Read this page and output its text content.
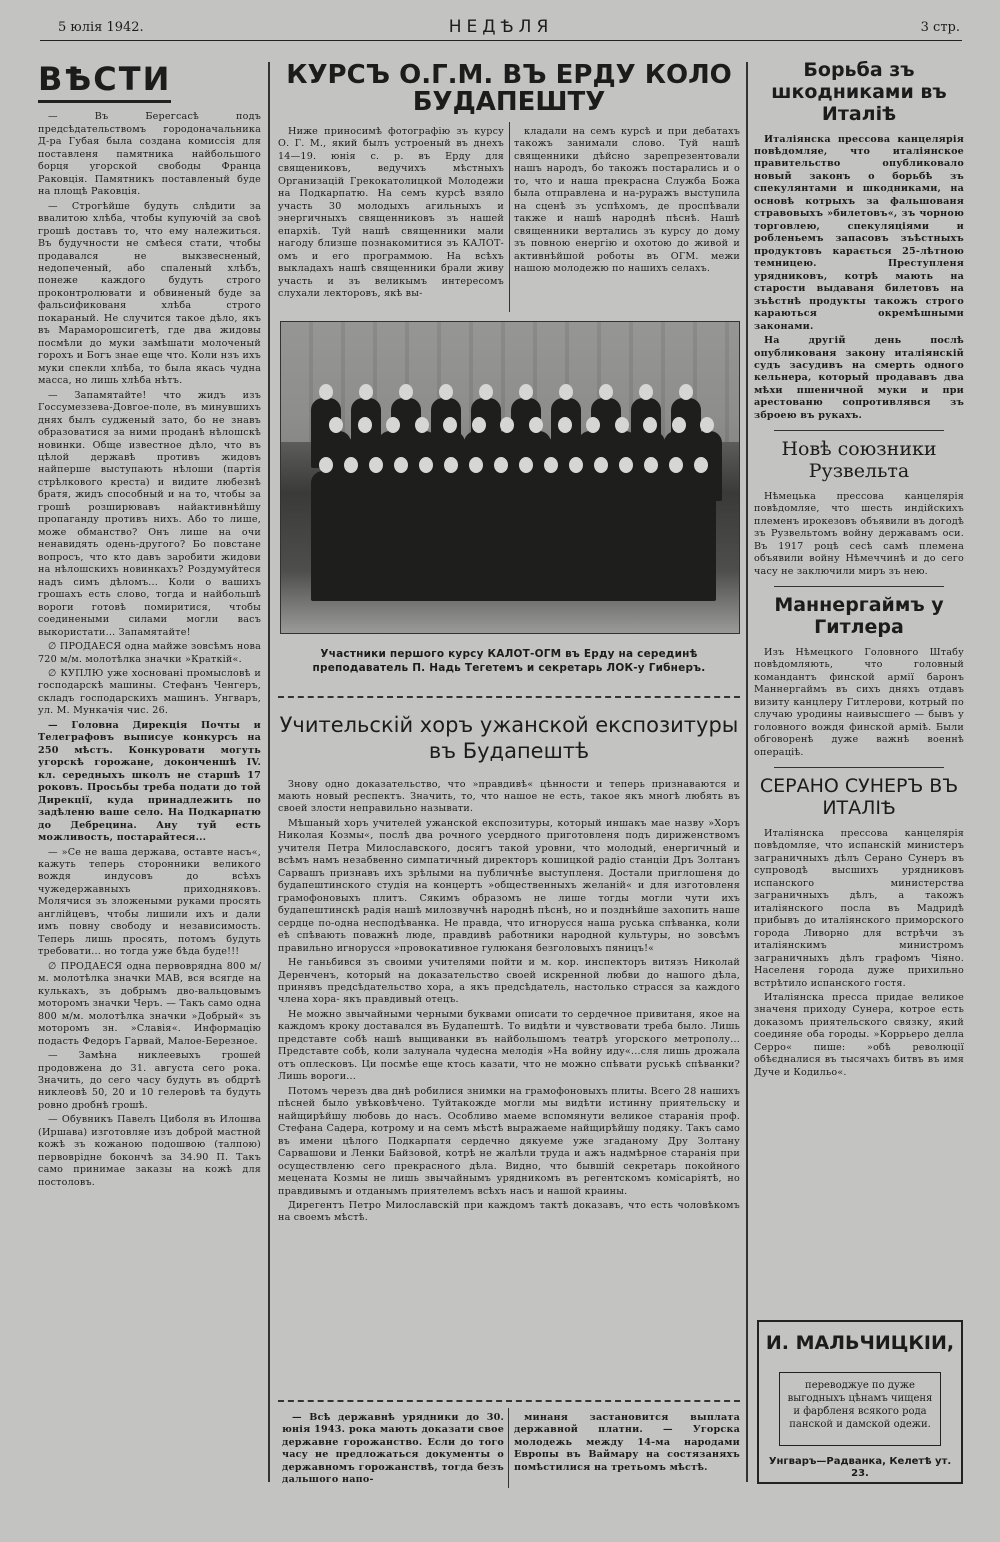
5 юлія 1942.	НЕДѢЛЯ	3 стр.
ВѢСТИ

— Въ Берегсасѣ подъ предсѣдательствомъ городоначальника Д-ра Губая была создана комиссія для поставленя памятника найбольшого борця угорской свободы Франца Раковція. Памятникъ поставленый буде на площѣ Раковція.

— Строгѣйше будуть слѣдити за ввалитою хлѣба, чтобы купуючій за своѣ грошѣ доставъ то, что ему належиться. Въ будучности не смѣеся стати, чтобы продавался не выкзвесненый, недопеченый, або спаленый хлѣбъ, понеже каждого будуть строго проконтролювати и обвиненый буде за фальсификованя хлѣба строго покараный. Не случится такое дѣло, якъ въ Мараморошсигетѣ, где два жидовы посмѣли до муки замѣшати молоченый горохъ и Богъ знае еще что. Коли нзъ ихъ муки спекли хлѣба, то была якась чудна масса, но лишь хлѣба нѣтъ.

— Запамятайте! что жидъ изъ Госсумеззева-Довгое-поле, въ минувшихъ днях былъ судженый зато, бо не знавъ образоватися за ними проданѣ нѣлошскѣ новинки. Обще известное дѣло, что въ цѣлой державѣ противъ жидовъ найперше выступають нѣлоши (партія стрѣлкового креста) и видите любезнѣ братя, жидъ способный и на то, чтобы за грошѣ розширювавъ найактивнѣйшу пропаганду противъ нихъ. Або то лише, може обманство? Онъ лише на очи ненавидять одень-другого? Бо повстане вопросъ, что кто давъ заробити жидови на нѣлошскихъ новинкахъ? Роздумуйтеся надъ симъ дѣломъ... Коли о вашихъ грошахъ есть слово, тогда и найбольшѣ вороги готовѣ помиритися, чтобы соединеными силами могли васъ выкористати... Запамятайте!

∅ ПРОДАЕСЯ одна майже зовсѣмъ нова 720 м/м. молотѣлка значки »Краткій«.

∅ КУПЛЮ уже хосновані промысловѣ и господарскѣ машины. Стефанъ Ченгеръ, складъ господарскихъ машинъ. Унгваръ, ул. М. Мункачія чис. 26.

— Головна Дирекція Почты и Телеграфовъ выписуе конкурсъ на 250 мѣстъ. Конкуровати могуть угорскѣ горожане, доконченшѣ IV. кл. середныхъ школъ не старшѣ 17 роковъ. Просьбы треба подати до той Дирекції, куда принадлежить по задѣленю ваше село. На Подкарпатю до Дебрецина. Ану туй есть можливость, постарайтеся...

— »Се не ваша держава, оставте насъ«, кажуть теперь сторонники великого вождя индусовъ до всѣхъ чужедержавныхъ приходнякoвъ. Молячися зъ зложеными руками просять англійцевъ, чтобы лишили ихъ и дали имъ повну свободу и независимость. Теперь лишь просять, потомъ будуть требовати... но тогда уже бѣда буде!!!

∅ ПРОДАЕСЯ одна первоврядна 800 м/м. молотѣлка значки МАВ, вся всягде на кулькахъ, зъ добрымъ дво-вальцовымъ моторомъ значки Черъ. — Такъ само одна 800 м/м. молотѣлка значки »Добрый« зъ моторомъ зн. »Славія«. Информацію подасть Федоръ Гарвай, Малое-Березное.

— Замѣна никлеевыхъ грошей продовжена до 31. августа сего рока. Значить, до сего часу будуть въ обдртѣ никлеовѣ 50, 20 и 10 гелеровѣ та будуть ровно дробнѣ грошѣ.

— Обувникъ Павелъ Циболя въ Илошва (Иршава) изготовляе изъ доброй мастной кожѣ зъ кожаною подошвою (талпою) первоврідне бокончѣ за 34.90 П. Такъ само принимае заказы на кожѣ для постоловъ.

КУРСЪ О.Г.М. ВЪ ЕРДУ КОЛО БУДАПЕШТУ

Ниже приносимѣ фотографію зъ курсу О. Г. М., який былъ устроеный въ днехъ 14—19. юнія с. р. въ Ерду для священиковъ, ведучихъ мѣстныхъ Организацій Грекокатолицкой Молодежи на Подкарпатю. На семъ курсѣ взяло участь 30 молодыхъ агильныхъ и энергичныхъ священниковъ зъ нашей епархіѣ. Туй нашѣ священники мали нагоду близше познакомитися зъ КАЛОТ-омъ и его программою. На всѣхъ выкладахъ нашѣ священники брали живу участь и зъ великымъ интересомъ слухали лекторовъ, якѣ вы-

кладали на семъ курсѣ и при дебатахъ такожъ занимали слово. Туй нашѣ священники дѣйсно зарепрезентовали нашъ народъ, бо такожъ постарались и о то, что и наша прекрасна Служба Божа была отправлена и на-руражъ выступила на сценѣ зъ успѣхомъ, де проспѣвали также и нашѣ народнѣ пѣснѣ. Нашѣ священники вертались зъ курсу до дому зъ повною енергію и охотою до живой и активнѣйшой роботы въ ОГМ. межи нашою молодежю по нашихъ селахъ.

Участники першого курсу КАЛОТ-ОГМ въ Ерду на серединѣ преподаватель П. Надь Тегетемъ и секретарь ЛОК-у Гибнеръ.

Учительскій хоръ ужанской експозитуры въ Будапештѣ

Знову одно доказательство, что »правдивѣ« цѣнности и теперь признаваются и мають новый респектъ. Значить, то, что нашое не есть, такое якъ многѣ любять въ своей злости неправильно называти.

Мѣшаный хоръ учителей ужанской експозитуры, который иншакъ мае назву »Хоръ Николая Козмы«, послѣ два рочного усердного приготовленя подъ дириженствомъ учителя Петра Милославского, досягъ такой уровни, что молодый, енергичный и всѣмъ намъ незабвенно симпатичный директоръ кошицкой радіо станціи Дръ Золтанъ Сарвашъ признавъ ихъ зрѣлыми на публичнѣе выступленя. Достали приглошеня до будапештинского студія на концертъ »общественныхъ желаній« и для изготовленя грамофоновыхъ плитъ. Сякимъ образомъ не лише тогды могли чути ихъ будапештинскѣ радія нашѣ милозвучнѣ народнѣ пѣснѣ, но и позднѣйше захопить наше сердце по-одна несподѣванка. Не правда, что игнорусся наша руська спѣванка, коли еѣ спѣвають поважнѣ люде, правдивѣ работники народной культуры, но зовсѣмъ правильно игнорусся »провокативное гулюканя безголовыхъ пяницъ!«

Не ганьбився зъ своими учителями пойти и м. кор. инспекторъ витязъ Николай Деренченъ, который на доказательство своей искренной любви до нашого дѣла, принявъ предсѣдательство хора, а якъ предсѣдатель, настолько страсся за каждого члена хора- якъ правдивый отецъ.

Не можно звычайными черными буквами описати то сердечное привитаня, якое на каждомъ кроку доставался въ Будапештѣ. То видѣти и чувствовати треба было. Лишь представте собѣ нашѣ выщиванки въ найбольшомъ театрѣ угорского метрополу... Представте собѣ, коли залунала чудесна мелодія »На войну иду«...сля лишь дрожала отъ оплесковъ. Ци посмѣе еще ктось казати, что не можно спѣвати руськѣ спѣванки? Лишь вороги...

Потомъ черезъ два днѣ робилися знимки на грамофоновыхъ плиты. Всего 28 нашихъ пѣсней было увѣковѣчено. Туйтакожде могли мы видѣти истинну приятельску и найщирѣйшу любовь до насъ. Особливо маеме вспомянути великое старанія проф. Стефана Садера, котрому и на семъ мѣстѣ выражаеме найщирѣйшу подяку. Такъ само въ имени цѣлого Подкарпатя сердечно дякуеме уже згаданому Дру Золтану Сарвашови и Ленки Байзовой, котрѣ не жалѣли труда и ажъ надмѣрное старанія при осуществленю сего прекрасного дѣла. Видно, что бывшій секретарь покойного мецената Козмы не лишь звычайнымъ урядникомъ въ регентскомъ комісаріятѣ, но правдивымъ и отданымъ приятелемъ всѣхъ насъ и нашой краины.

Дирегентъ Петро Милославскій при каждомъ тактѣ доказавъ, что есть чоловѣкомъ на своемъ мѣстѣ.

— Всѣ державнѣ урядники до 30. юнія 1943. рока мають доказати свое державне горожанство. Если до того часу не предложаться документы о державномъ горожанствѣ, тогда безъ дальшого напо-

минаня застановится выплата державной платни. — Угорска молодежь между 14-ма народами Европы въ Ваймару на состязаняхъ помѣстилися на третьомъ мѣстѣ.

Борьба зъ шкодниками въ Италіѣ

Италіянска прессова канцелярія повѣдомляе, что италіянское правительство опубликовало новый законъ о борьбѣ зъ спекулянтами и шкодниками, на основѣ котрыхъ за фальшованя стравовыхъ »билетовъ«, зъ чорною торговлею, спекуляціями и робленьемъ запасовъ зъѣстныхъ продуктовъ карається 25-лѣтною темницею. Преступленя урядниковъ, котрѣ мають на старости выдаваня билетовъ на зъѣстнѣ продукты такожъ строго караються окремѣшными законами.

На другій день послѣ опубликованя закону италіянскій судъ засудивъ на смерть одного кельнера, который продававъ два мѣхи пшеничной муки и при арестованю сопротивлявся зъ зброею въ рукахъ.

Новѣ союзники Рузвельта

Нѣмецька прессова канцелярія повѣдомляе, что шесть индійскихъ племенъ ирокезовъ объявили въ догодѣ зъ Рузвельтомъ войну державамъ оси. Въ 1917 роцѣ сесѣ самѣ племена объявили войну Нѣмеччинѣ и до сего часу не заключили миръ зъ нею.

Маннергаймъ у Гитлера

Изъ Нѣмецкого Головного Штабу повѣдомляють, что головный командантъ финской армії баронъ Маннергаймъ въ сихъ дняхъ отдавъ визиту канцлеру Гитлерови, котрый по случаю уродины наивысшего — бывъ у головного вождя финской арміѣ. Были обговоренѣ дуже важнѣ военнѣ операціѣ.

СЕРАНО СУНЕРЪ ВЪ ИТАЛІѢ

Италіянска прессова канцелярія повѣдомляе, что испанскій министеръ заграничныхъ дѣлъ Серано Сунеръ въ супроводѣ высшихъ урядниковъ испанского министерства заграничныхъ дѣлъ, а такожъ италіянского посла въ Мадридѣ прибывъ до италіянского приморского города Ливорно для встрѣчи зъ италіянскимъ министромъ заграничныхъ дѣлъ графомъ Чіяно. Населеня города дуже прихильно встрѣтило испанского гостя.

Италіянска пресса придае великое значеня приходу Сунера, котрое есть доказомъ приятельского связку, який соединяе оба городы. »Коррьеро делла Серро« пише: »обѣ революції обѣєдналися въ тысячахъ битвъ въ имя Дуче и Кодильо«.

И. МАЛЬЧИЦКІИ,
переводжуе по дуже выгодныхъ цѣнамъ чищеня и фарбленя всякого рода панской и дамской одежи.
Унгваръ—Радванка, Келетѣ ут. 23.
